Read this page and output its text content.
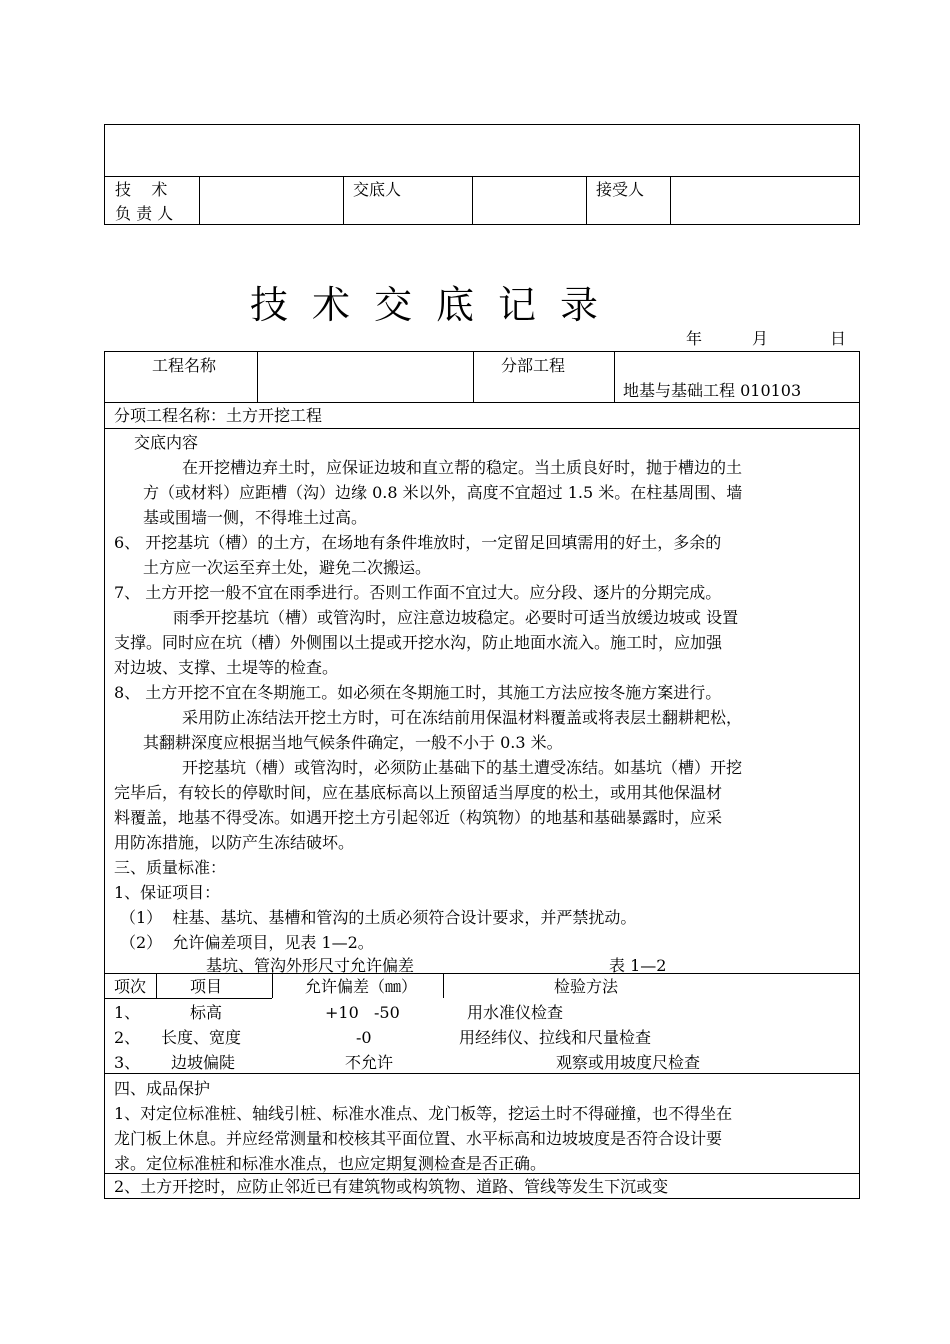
技    术
负 责 人
交底人	接受人
技术交底记录
年	月	日
工程名称	分部工程
地基与基础工程 010103
分项工程名称：土方开挖工程
交底内容
在开挖槽边弃土时，应保证边坡和直立帮的稳定。当土质良好时，抛于槽边的土
方（或材料）应距槽（沟）边缘 0.8 米以外，高度不宜超过 1.5 米。在柱基周围、墙
基或围墙一侧，不得堆土过高。
6、 开挖基坑（槽）的土方，在场地有条件堆放时，一定留足回填需用的好土，多余的
土方应一次运至弃土处，避免二次搬运。
7、 土方开挖一般不宜在雨季进行。否则工作面不宜过大。应分段、逐片的分期完成。
雨季开挖基坑（槽）或管沟时，应注意边坡稳定。必要时可适当放缓边坡或 设置
支撑。同时应在坑（槽）外侧围以土提或开挖水沟，防止地面水流入。施工时，应加强
对边坡、支撑、土堤等的检查。
8、 土方开挖不宜在冬期施工。如必须在冬期施工时，其施工方法应按冬施方案进行。
采用防止冻结法开挖土方时，可在冻结前用保温材料覆盖或将表层土翻耕耙松，
其翻耕深度应根据当地气候条件确定，一般不小于 0.3 米。
开挖基坑（槽）或管沟时，必须防止基础下的基土遭受冻结。如基坑（槽）开挖
完毕后，有较长的停歇时间，应在基底标高以上预留适当厚度的松土，或用其他保温材
料覆盖，地基不得受冻。如遇开挖土方引起邻近（构筑物）的地基和基础暴露时，应采
用防冻措施，以防产生冻结破坏。
三、质量标准：
1、保证项目：
（1）  柱基、基坑、基槽和管沟的土质必须符合设计要求，并严禁扰动。
（2）  允许偏差项目，见表 1—2。
基坑、管沟外形尺寸允许偏差	表 1—2
项次	项目	允许偏差（㎜）	检验方法
1、	标高	+10   -50	用水准仪检查
2、 长度、宽度	-0	用经纬仪、拉线和尺量检查
3、 边坡偏陡	不允许	观察或用坡度尺检查
四、成品保护
1、对定位标准桩、轴线引桩、标准水准点、龙门板等，挖运土时不得碰撞，也不得坐在
龙门板上休息。并应经常测量和校核其平面位置、水平标高和边坡坡度是否符合设计要
求。定位标准桩和标准水准点，也应定期复测检查是否正确。
2、土方开挖时，应防止邻近已有建筑物或构筑物、道路、管线等发生下沉或变
